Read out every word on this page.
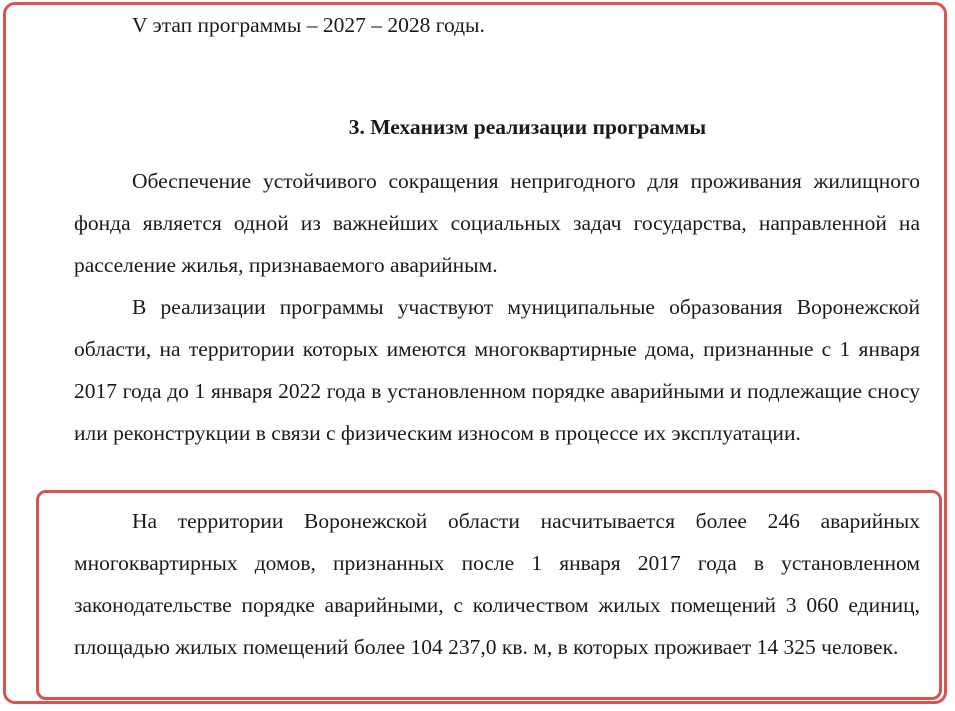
V этап программы – 2027 – 2028 годы.
3. Механизм реализации программы

Обеспечение устойчивого сокращения непригодного для проживания жилищного фонда является одной из важнейших социальных задач государства, направленной на расселение жилья, признаваемого аварийным.

В реализации программы участвуют муниципальные образования Воронежской области, на территории которых имеются многоквартирные дома, признанные с 1 января 2017 года до 1 января 2022 года в установленном порядке аварийными и подлежащие сносу или реконструкции в связи с физическим износом в процессе их эксплуатации.

На территории Воронежской области насчитывается более 246 аварийных многоквартирных домов, признанных после 1 января 2017 года в установленном законодательстве порядке аварийными, с количеством жилых помещений 3 060 единиц, площадью жилых помещений более 104 237,0 кв. м, в которых проживает 14 325 человек.
